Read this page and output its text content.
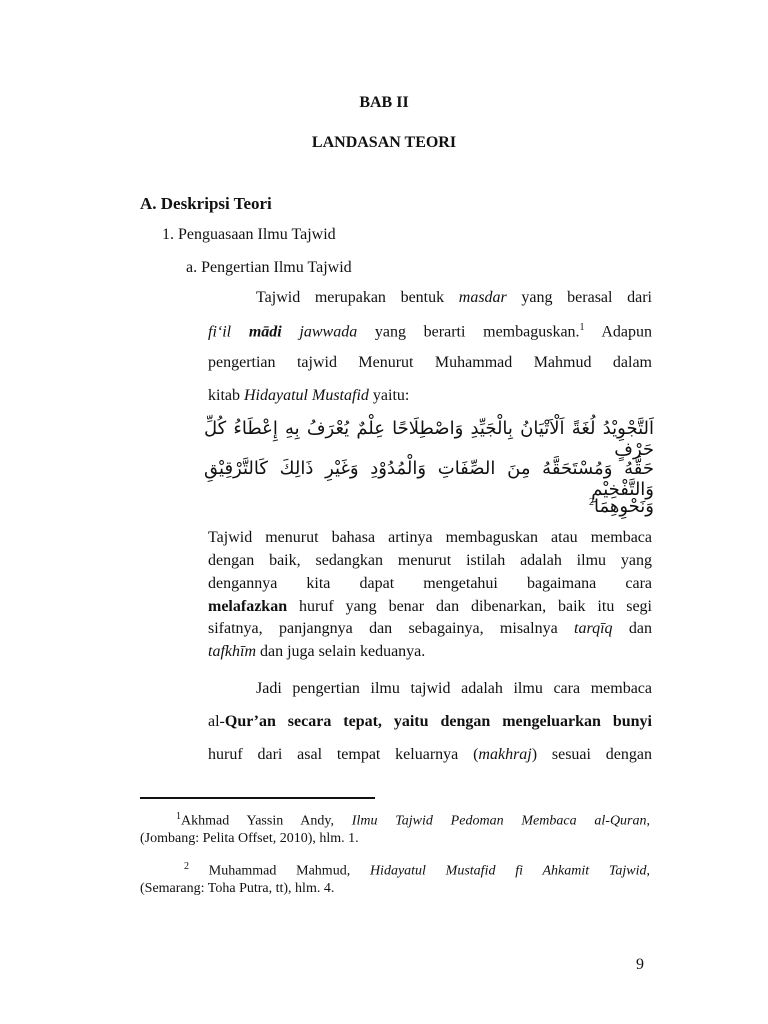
BAB II
LANDASAN TEORI
A. Deskripsi Teori
1. Penguasaan Ilmu Tajwid
a. Pengertian Ilmu Tajwid
Tajwid merupakan bentuk masdar yang berasal dari
fi‘il mādi jawwada yang berarti membaguskan.$^1$ Adapun
pengertian tajwid Menurut Muhammad Mahmud dalam
kitab Hidayatul Mustafid yaitu:
اَلتَّجْوِيْدُ لُغَةً اَلْاَتْيَانُ بِالْجَيِّدِ وَاصْطِلَاحًا عِلْمٌ يُعْرَفُ بِهِ إِعْطَاءُ كُلِّ حَرْفٍ
حَقَّهُ وَمُسْتَحَقَّهُ مِنَ الصِّفَاتِ وَالْمُدُوْدِ وَغَيْرِ ذَالِكَ كَالتَّرْقِيْقِ وَالتَّفْخِيْمِ
وَنَحْوِهِمَا$^2$
Tajwid menurut bahasa artinya membaguskan atau membaca
dengan baik, sedangkan menurut istilah adalah ilmu yang
dengannya kita dapat mengetahui bagaimana cara
melafazkan huruf yang benar dan dibenarkan, baik itu segi
sifatnya, panjangnya dan sebagainya, misalnya tarqīq dan
tafkhīm dan juga selain keduanya.
Jadi pengertian ilmu tajwid adalah ilmu cara membaca
al-Qur’an secara tepat, yaitu dengan mengeluarkan bunyi
huruf dari asal tempat keluarnya (makhraj) sesuai dengan
$^1$Akhmad Yassin Andy, Ilmu Tajwid Pedoman Membaca al-Quran,
(Jombang: Pelita Offset, 2010), hlm. 1.
$^2$ Muhammad Mahmud, Hidayatul Mustafid fi Ahkamit Tajwid,
(Semarang: Toha Putra, tt), hlm. 4.
9
